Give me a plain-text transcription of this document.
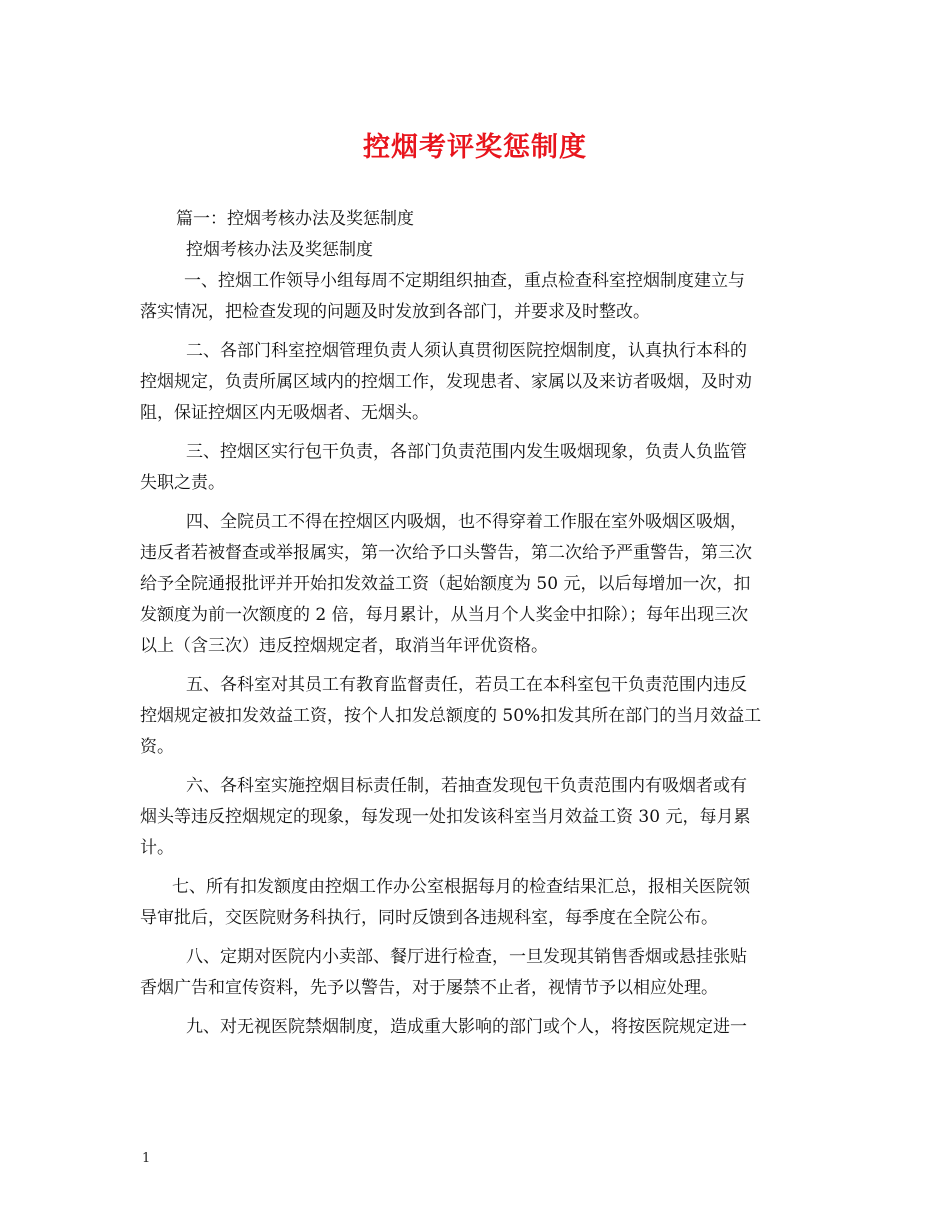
控烟考评奖惩制度
篇一：控烟考核办法及奖惩制度
控烟考核办法及奖惩制度
一、控烟工作领导小组每周不定期组织抽查，重点检查科室控烟制度建立与
落实情况，把检查发现的问题及时发放到各部门，并要求及时整改。
二、各部门科室控烟管理负责人须认真贯彻医院控烟制度，认真执行本科的
控烟规定，负责所属区域内的控烟工作，发现患者、家属以及来访者吸烟，及时劝
阻，保证控烟区内无吸烟者、无烟头。
三、控烟区实行包干负责，各部门负责范围内发生吸烟现象，负责人负监管
失职之责。
四、全院员工不得在控烟区内吸烟，也不得穿着工作服在室外吸烟区吸烟，
违反者若被督查或举报属实，第一次给予口头警告，第二次给予严重警告，第三次
给予全院通报批评并开始扣发效益工资（起始额度为 50 元，以后每增加一次，扣
发额度为前一次额度的 2 倍，每月累计，从当月个人奖金中扣除）；每年出现三次
以上（含三次）违反控烟规定者，取消当年评优资格。
五、各科室对其员工有教育监督责任，若员工在本科室包干负责范围内违反
控烟规定被扣发效益工资，按个人扣发总额度的 50%扣发其所在部门的当月效益工
资。
六、各科室实施控烟目标责任制，若抽查发现包干负责范围内有吸烟者或有
烟头等违反控烟规定的现象，每发现一处扣发该科室当月效益工资 30 元，每月累
计。
七、所有扣发额度由控烟工作办公室根据每月的检查结果汇总，报相关医院领
导审批后，交医院财务科执行，同时反馈到各违规科室，每季度在全院公布。
八、定期对医院内小卖部、餐厅进行检查，一旦发现其销售香烟或悬挂张贴
香烟广告和宣传资料，先予以警告，对于屡禁不止者，视情节予以相应处理。
九、对无视医院禁烟制度，造成重大影响的部门或个人，将按医院规定进一
1
